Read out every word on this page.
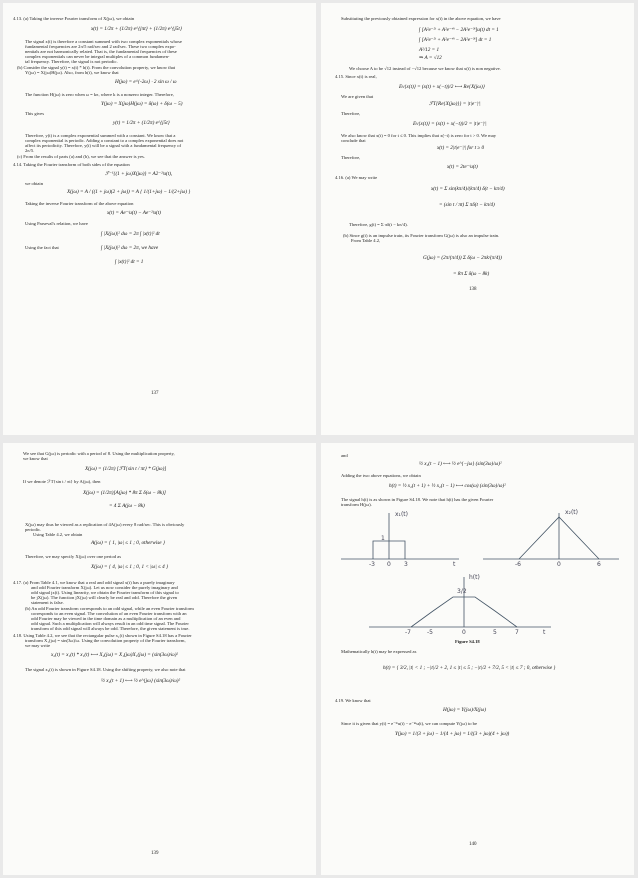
4.13. (a) Taking the inverse Fourier transform of X(jω), we obtain
x(t) = 1/2π + (1/2π) e^{jπt} + (1/2π) e^{j5t}
The signal x(t) is therefore a constant summed with two complex exponentials whose
fundamental frequencies are 2π/5 rad/sec and 2 rad/sec. These two complex expo-
nentials are not harmonically related. That is, the fundamental frequencies of these
complex exponentials can never be integral multiples of a common fundamen-
tal frequency. Therefore, the signal is not periodic.
(b) Consider the signal y(t) = x(t) * h(t). From the convolution property, we know that
Y(jω) = X(jω)H(jω). Also, from h(t), we know that
H(jω) = e^{-2ω} · 2 sin ω / ω
The function H(jω) is zero when ω = kπ, where k is a nonzero integer. Therefore,
Y(jω) = X(jω)H(jω) = δ(ω) + δ(ω − 5)
This gives
y(t) = 1/2π + (1/2π) e^{j5t}
Therefore, y(t) is a complex exponential summed with a constant. We know that a
complex exponential is periodic. Adding a constant to a complex exponential does not
affect its periodicity. Therefore, y(t) will be a signal with a fundamental frequency of
2π/5.
(c) From the results of parts (a) and (b), we see that the answer is yes.
4.14. Taking the Fourier transform of both sides of the equation
ℱ⁻¹{(1 + jω)X(jω)} = A2⁻²ᵗu(t),
we obtain
X(jω) = A / ((1 + jω)(2 + jω)) = A { 1/(1+jω) − 1/(2+jω) }
Taking the inverse Fourier transform of the above equation
x(t) = Ae⁻ᵗu(t) − Ae⁻²ᵗu(t)
Using Parseval's relation, we have
∫ |X(jω)|² dω = 2π ∫ |x(t)|² dt
Using the fact that	∫ |X(jω)|² dω = 2π, we have
∫ |x(t)|² dt = 1
137
Substituting the previously obtained expression for x(t) in the above equation, we have
∫ [A²e⁻²ᵗ + A²e⁻⁴ᵗ − 2A²e⁻³ᵗ]u(t) dt = 1
∫ [A²e⁻²ᵗ + A²e⁻⁴ᵗ − 2A²e⁻³ᵗ] dt = 1
A²/12 = 1
⇒ A = √12
We choose A to be √12 instead of −√12 because we know that x(t) is non negative.
4.15. Since x(t) is real,
Ev{x(t)} = (x(t) + x(−t))/2 ⟷ Re{X(jω)}
We are given that
ℱT{Re{X(jω)}} = |t|e⁻|ᵗ|
Therefore,
Ev{x(t)} = (x(t) + x(−t))/2 = |t|e⁻|ᵗ|
We also know that x(t) = 0 for t ≤ 0. This implies that x(−t) is zero for t > 0. We may
conclude that
x(t) = 2|t|e⁻|ᵗ| for t ≥ 0
Therefore,
x(t) = 2te⁻ᵗu(t)
4.16. (a) We may write
x(t) = Σ sin(kπ/4)/(kπ/4) δ(t − kπ/4)
= (sin t / πt) Σ πδ(t − kπ/4)
Therefore, g(t) = Σ πδ(t − kπ/4).
(b) Since g(t) is an impulse train, its Fourier transform G(jω) is also an impulse train.
From Table 4.2,
G(jω) = (2π/(π/4)) Σ δ(ω − 2πk/(π/4))
= 8π Σ δ(ω − 8k)
138
We see that G(jω) is periodic with a period of 8. Using the multiplication property,
we know that
X(jω) = (1/2π) [ℱT{sin t / πt} * G(jω)]
If we denote ℱT{sin t / πt} by A(jω), then
X(jω) = (1/2π)[A(jω) * 8π Σ δ(ω − 8k)]
= 4 Σ A(jω − 8k)
X(jω) may thus be viewed as a replication of 4A(jω) every 8 rad/sec. This is obviously
periodic.
Using Table 4.2, we obtain
A(jω) = { 1, |ω| ≤ 1 ; 0, otherwise }
Therefore, we may specify X(jω) over one period as
X(jω) = { 4, |ω| ≤ 1 ; 0, 1 < |ω| ≤ 4 }
4.17. (a) From Table 4.1, we know that a real and odd signal x(t) has a purely imaginary
and odd Fourier transform X(jω). Let us now consider the purely imaginary and
odd signal jx(t). Using linearity, we obtain the Fourier transform of this signal to
be jX(jω). The function jX(jω) will clearly be real and odd. Therefore the given
statement is false.
(b) An odd Fourier transform corresponds to an odd signal, while an even Fourier transform
corresponds to an even signal. The convolution of an even Fourier transform with an
odd Fourier may be viewed in the time domain as a multiplication of an even and
odd signal. Such a multiplication will always result in an odd time signal. The Fourier
transform of this odd signal will always be odd. Therefore, the given statement is true.
4.18. Using Table 4.2, we see that the rectangular pulse x₁(t) shown in Figure S4.18 has a Fourier
transform X₁(jω) = sin(3ω)/ω. Using the convolution property of the Fourier transform,
we may write
x₂(t) = x₁(t) * x₁(t) ⟷ X₂(jω) = X₁(jω)X₁(jω) = (sin(3ω)/ω)²
The signal x₂(t) is shown in Figure S4.18. Using the shifting property, we also note that
½ x₂(t + 1) ⟷ ½ e^{jω} (sin(3ω)/ω)²
139
and
½ x₂(t − 1) ⟷ ½ e^{−jω} (sin(3ω)/ω)²
Adding the two above equations, we obtain
h(t) = ½ x₂(t + 1) + ½ x₂(t − 1) ⟷ cos(ω) (sin(3ω)/ω)²
The signal h(t) is as shown in Figure S4.18. We note that h(t) has the given Fourier
transform H(jω).
x₁(t)
1
-3 0 3	t
x₂(t)
-6	0	6
h(t)
3/2
-7	-5	0	5	7	t
Figure S4.18
Mathematically h(t) may be expressed as
h(t) = { 3/2, |t| < 1 ; −|t|/2 + 2, 1 ≤ |t| ≤ 5 ; −|t|/2 + 7/2, 5 < |t| ≤ 7 ; 0, otherwise }
4.19. We know that
H(jω) = Y(jω)/X(jω)
Since it is given that y(t) = e⁻³ᵗu(t) − e⁻⁴ᵗu(t), we can compute Y(jω) to be
Y(jω) = 1/(3 + jω) − 1/(4 + jω) = 1/((3 + jω)(4 + jω))
140
